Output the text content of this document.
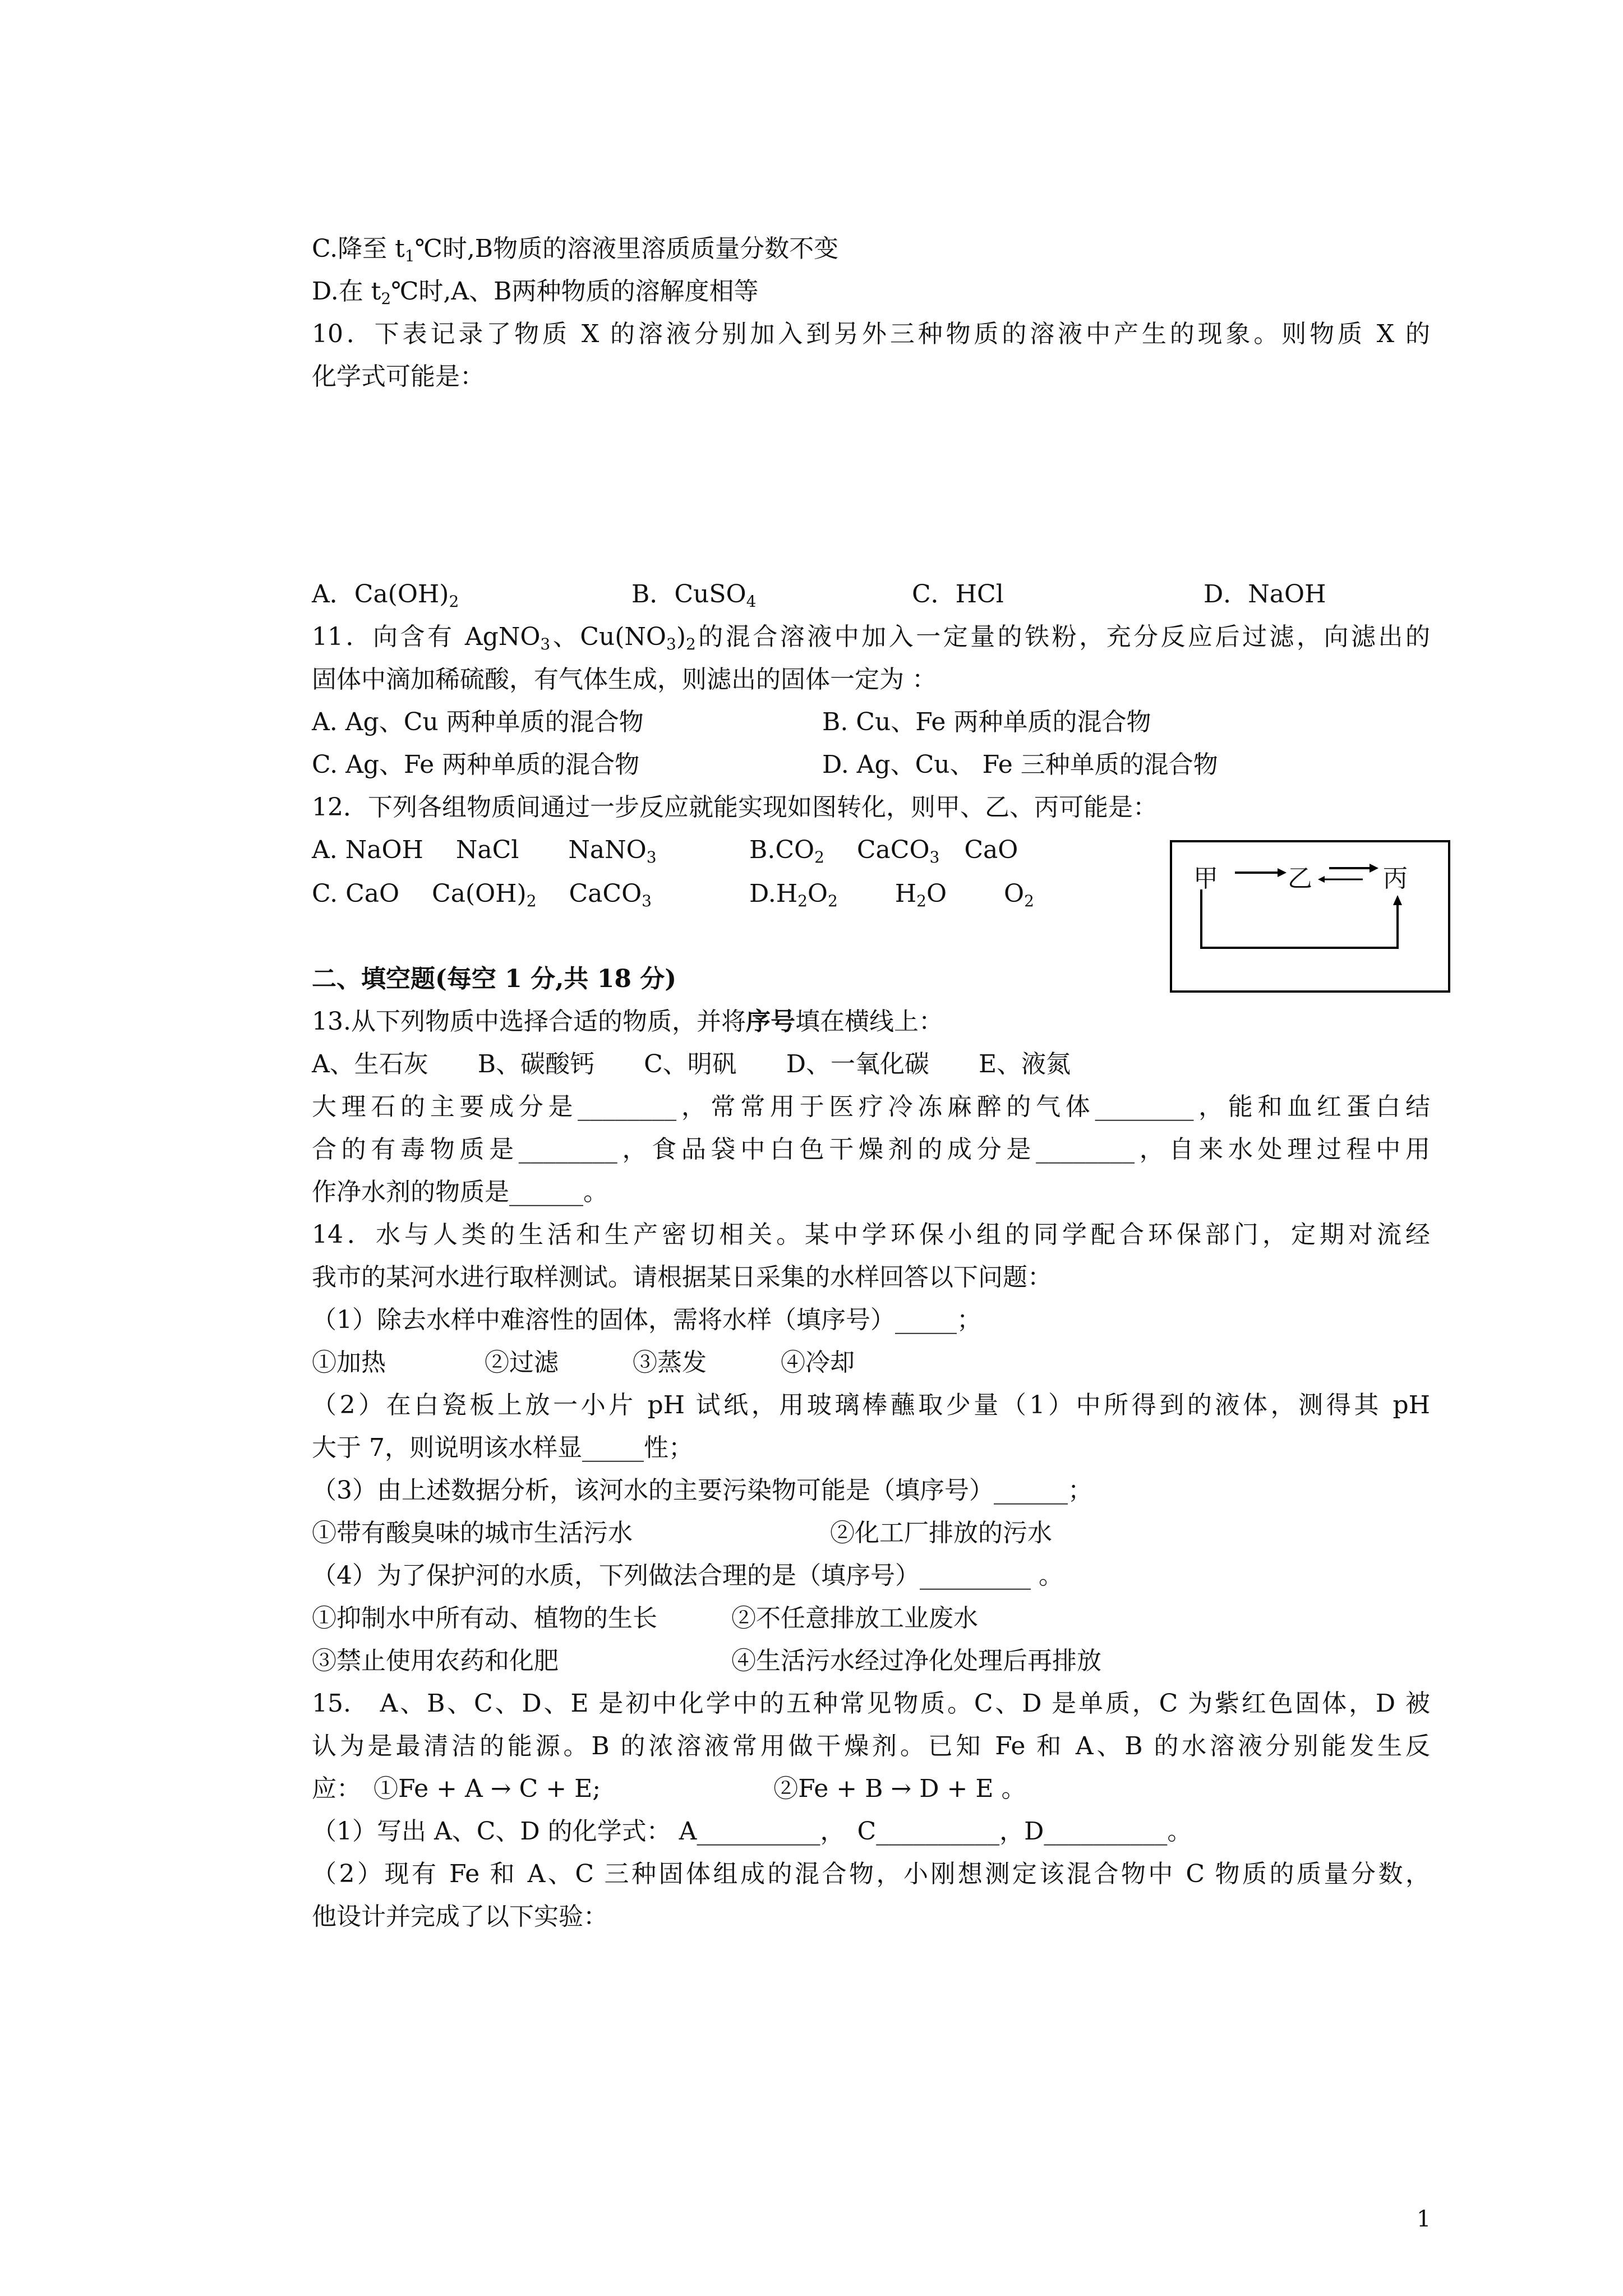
C.降至 $t_1℃$时,B物质的溶液里溶质质量分数不变
D.在 $t_2℃$时,A、B两种物质的溶解度相等
10．下表记录了物质 X 的溶液分别加入到另外三种物质的溶液中产生的现象。则物质 X 的
化学式可能是：
A．$Ca(OH)_2$	B．CuSO$_4$	C．HCl	D．NaOH
11．向含有 AgNO$_3$、$Cu(NO_3)_2$的混合溶液中加入一定量的铁粉，充分反应后过滤，向滤出的
固体中滴加稀硫酸，有气体生成，则滤出的固体一定为 ：
A. Ag、Cu 两种单质的混合物	B. Cu、Fe 两种单质的混合物
C. Ag、Fe 两种单质的混合物	D. Ag、Cu、 Fe 三种单质的混合物
12．下列各组物质间通过一步反应就能实现如图转化，则甲、乙、丙可能是：
A. NaOH　 NaCl　　NaNO$_3$	$B.CO_2$　 CaCO$_3$　CaO
C. CaO　 $Ca(OH)_2$　 CaCO$_3$	$D.H_2O_2$　　 $H_2O$　　 $O_2$
甲	乙	丙
二、填空题(每空 1 分,共 18 分)
13.从下列物质中选择合适的物质，并将序号填在横线上：
A、生石灰　　B、碳酸钙　　C、明矾　　D、一氧化碳　　E、液氮
大理石的主要成分是________，常常用于医疗冷冻麻醉的气体________，能和血红蛋白结
合的有毒物质是________，食品袋中白色干燥剂的成分是________，自来水处理过程中用
作净水剂的物质是______。
14．水与人类的生活和生产密切相关。某中学环保小组的同学配合环保部门，定期对流经
我市的某河水进行取样测试。请根据某日采集的水样回答以下问题：
（1）除去水样中难溶性的固体，需将水样（填序号）_____；
①加热　　　　②过滤　　　③蒸发　　　④冷却
（2）在白瓷板上放一小片 pH 试纸，用玻璃棒蘸取少量（1）中所得到的液体，测得其 pH
大于 7，则说明该水样显_____性；
（3）由上述数据分析，该河水的主要污染物可能是（填序号）______；
①带有酸臭味的城市生活污水　　　　　　　　②化工厂排放的污水
（4）为了保护河的水质，下列做法合理的是（填序号）_________ 。
①抑制水中所有动、植物的生长　　　②不任意排放工业废水
③禁止使用农药和化肥　　　　　　　④生活污水经过净化处理后再排放
15.　A、B、C、D、E 是初中化学中的五种常见物质。C、D 是单质，C 为紫红色固体，D 被
认为是最清洁的能源。B 的浓溶液常用做干燥剂。已知 Fe 和 A、B 的水溶液分别能发生反
应：　①Fe + A → C + E;　　　　　　　②Fe + B → D + E 。
（1）写出 A、C、D 的化学式： A__________，　C__________，D__________。
（2）现有 Fe 和 A、C 三种固体组成的混合物，小刚想测定该混合物中 C 物质的质量分数，
他设计并完成了以下实验：
1
